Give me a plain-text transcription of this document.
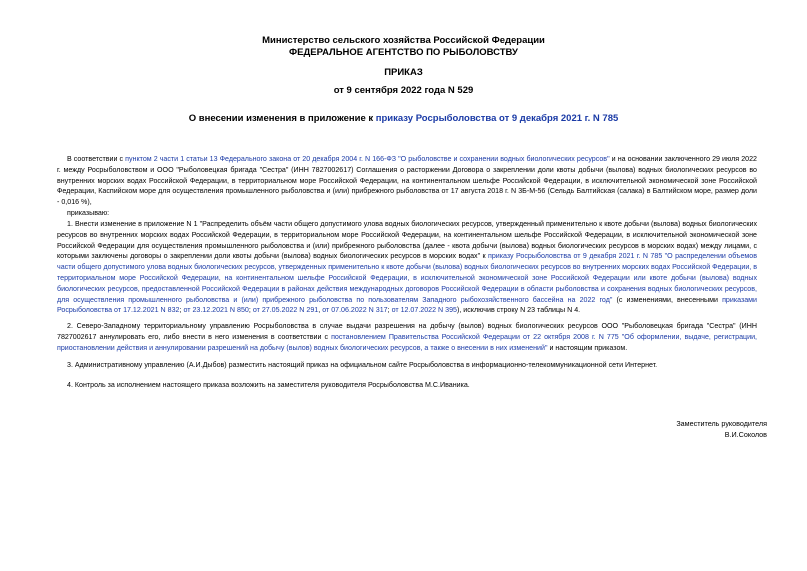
Министерство сельского хозяйства Российской Федерации
ФЕДЕРАЛЬНОЕ АГЕНТСТВО ПО РЫБОЛОВСТВУ
ПРИКАЗ
от 9 сентября 2022 года N 529
О внесении изменения в приложение к приказу Росрыболовства от 9 декабря 2021 г. N 785
В соответствии с пунктом 2 части 1 статьи 13 Федерального закона от 20 декабря 2004 г. N 166-ФЗ "О рыболовстве и сохранении водных биологических ресурсов" и на основании заключенного 29 июля 2022 г. между Росрыболовством и ООО "Рыболовецкая бригада "Сестра" (ИНН 7827002617) Соглашения о расторжении Договора о закреплении доли квоты добычи (вылова) водных биологических ресурсов во внутренних морских водах Российской Федерации, в территориальном море Российской Федерации, на континентальном шельфе Российской Федерации, в исключительной экономической зоне Российской Федерации, Каспийском море для осуществления промышленного рыболовства и (или) прибрежного рыболовства от 17 августа 2018 г. N 3Б-М-56 (Сельдь Балтийская (салака) в Балтийском море, размер доли - 0,016 %),
приказываю:
1. Внести изменение в приложение N 1 "Распределить объём части общего допустимого улова водных биологических ресурсов, утвержденный применительно к квоте добычи (вылова) водных биологических ресурсов во внутренних морских водах Российской Федерации, в территориальном море Российской Федерации, на континентальном шельфе Российской Федерации, в исключительной экономической зоне Российской Федерации для осуществления промышленного рыболовства и (или) прибрежного рыболовства (далее - квота добычи (вылова) водных биологических ресурсов в морских водах) между лицами, с которыми заключены договоры о закреплении доли квоты добычи (вылова) водных биологических ресурсов в морских водах" к приказу Росрыболовства от 9 декабря 2021 г. N 785 "О распределении объемов части общего допустимого улова водных биологических ресурсов, утвержденных применительно к квоте добычи (вылова) водных биологических ресурсов во внутренних морских водах Российской Федерации, в территориальном море Российской Федерации, на континентальном шельфе Российской Федерации, в исключительной экономической зоне Российской Федерации или квоте добычи (вылова) водных биологических ресурсов, предоставленной Российской Федерации в районах действия международных договоров Российской Федерации в области рыболовства и сохранения водных биологических ресурсов, для осуществления промышленного рыболовства и (или) прибрежного рыболовства по пользователям Западного рыбохозяйственного бассейна на 2022 год" (с изменениями, внесенными приказами Росрыболовства от 17.12.2021 N 832; от 23.12.2021 N 850; от 27.05.2022 N 291, от 07.06.2022 N 317; от 12.07.2022 N 395), исключив строку N 23 таблицы N 4.
2. Северо-Западному территориальному управлению Росрыболовства в случае выдачи разрешения на добычу (вылов) водных биологических ресурсов ООО "Рыболовецкая бригада "Сестра" (ИНН 7827002617 аннулировать его, либо внести в него изменения в соответствии с постановлением Правительства Российской Федерации от 22 октября 2008 г. N 775 "Об оформлении, выдаче, регистрации, приостановлении действия и аннулировании разрешений на добычу (вылов) водных биологических ресурсов, а также о внесении в них изменений" и настоящим приказом.
3. Административному управлению (А.И.Дыбов) разместить настоящий приказ на официальном сайте Росрыболовства в информационно-телекоммуникационной сети Интернет.
4. Контроль за исполнением настоящего приказа возложить на заместителя руководителя Росрыболовства М.С.Иваника.
Заместитель руководителя
В.И.Соколов
